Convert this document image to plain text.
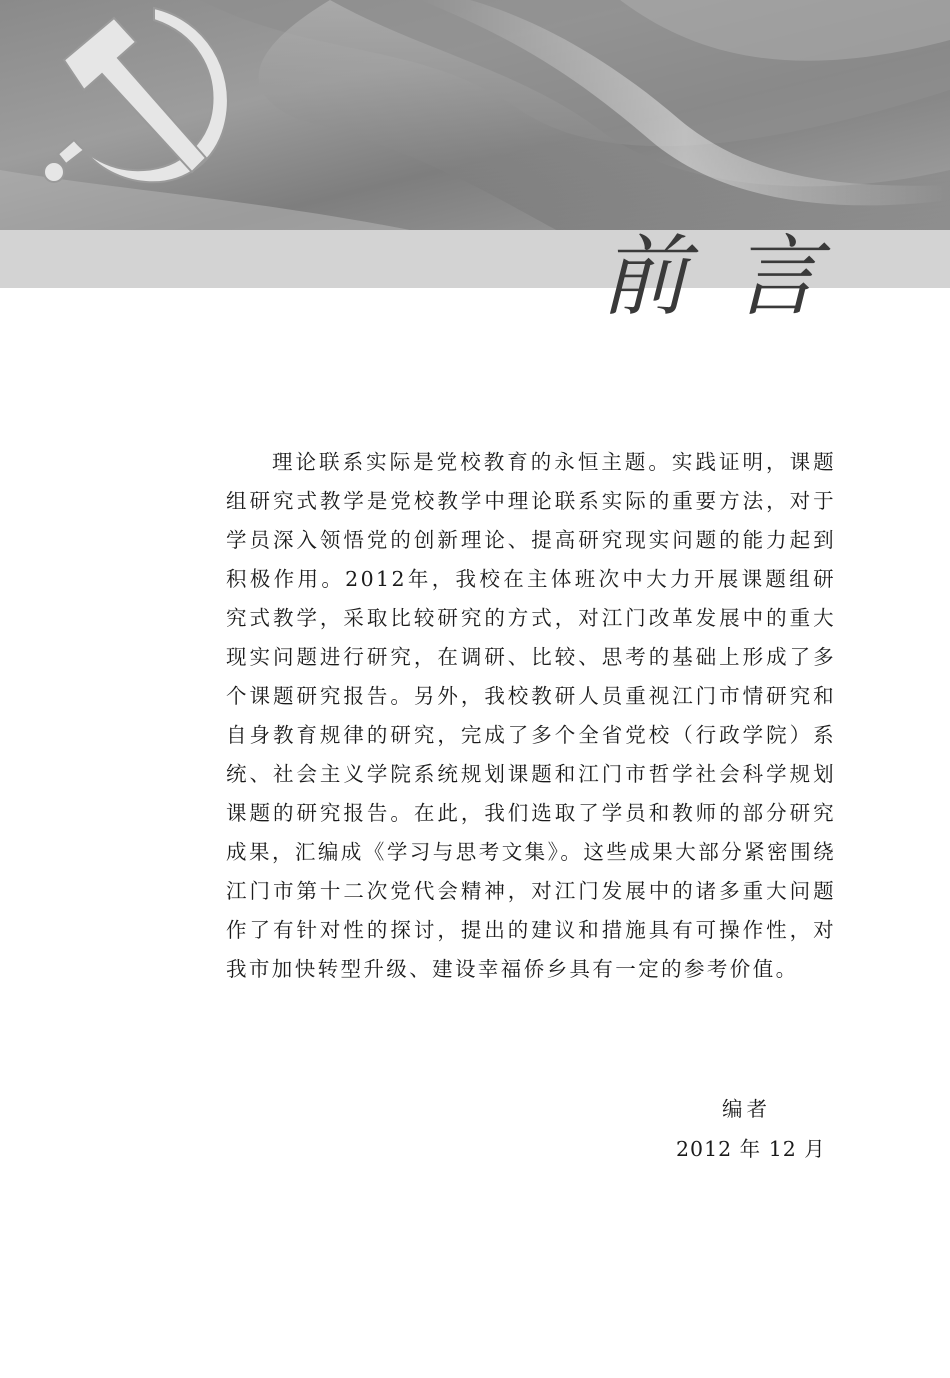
前言

理论联系实际是党校教育的永恒主题。实践证明，课题组研究式教学是党校教学中理论联系实际的重要方法，对于学员深入领悟党的创新理论、提高研究现实问题的能力起到积极作用。2012年，我校在主体班次中大力开展课题组研究式教学，采取比较研究的方式，对江门改革发展中的重大现实问题进行研究，在调研、比较、思考的基础上形成了多个课题研究报告。另外，我校教研人员重视江门市情研究和自身教育规律的研究，完成了多个全省党校（行政学院）系统、社会主义学院系统规划课题和江门市哲学社会科学规划课题的研究报告。在此，我们选取了学员和教师的部分研究成果，汇编成《学习与思考文集》。这些成果大部分紧密围绕江门市第十二次党代会精神，对江门发展中的诸多重大问题作了有针对性的探讨，提出的建议和措施具有可操作性，对我市加快转型升级、建设幸福侨乡具有一定的参考价值。

编者
2012 年 12 月
